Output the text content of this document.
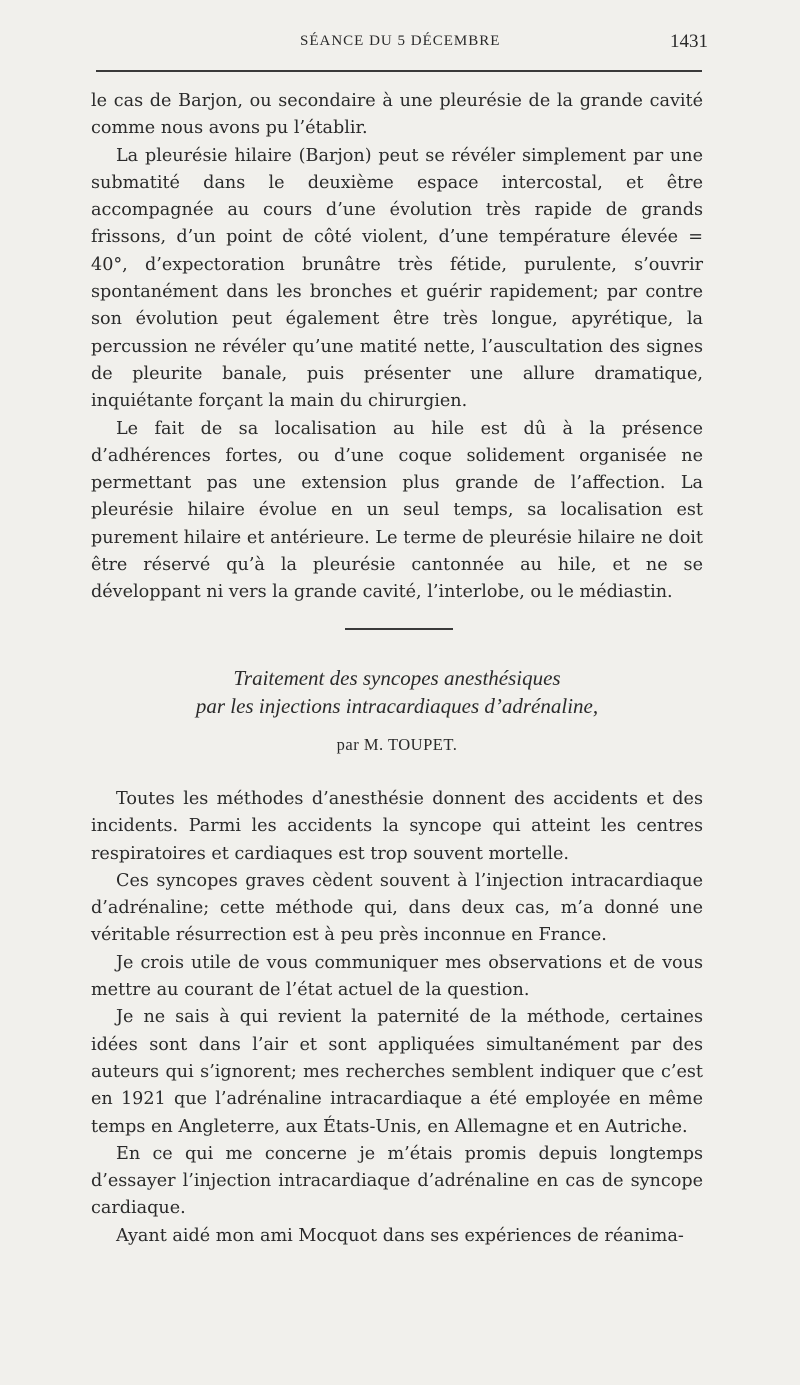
SÉANCE DU 5 DÉCEMBRE	1431

le cas de Barjon, ou secondaire à une pleurésie de la grande cavité comme nous avons pu l’établir.

La pleurésie hilaire (Barjon) peut se révéler simplement par une submatité dans le deuxième espace intercostal, et être accompagnée au cours d’une évolution très rapide de grands frissons, d’un point de côté violent, d’une température élevée = 40°, d’expectoration brunâtre très fétide, purulente, s’ouvrir spontanément dans les bronches et guérir rapidement; par contre son évolution peut également être très longue, apyrétique, la percussion ne révéler qu’une matité nette, l’auscultation des signes de pleurite banale, puis présenter une allure dramatique, inquiétante forçant la main du chirurgien.

Le fait de sa localisation au hile est dû à la présence d’adhérences fortes, ou d’une coque solidement organisée ne permettant pas une extension plus grande de l’affection. La pleurésie hilaire évolue en un seul temps, sa localisation est purement hilaire et antérieure. Le terme de pleurésie hilaire ne doit être réservé qu’à la pleurésie cantonnée au hile, et ne se développant ni vers la grande cavité, l’interlobe, ou le médiastin.

Traitement des syncopes anesthésiques
par les injections intracardiaques d’adrénaline,
par M. TOUPET.

Toutes les méthodes d’anesthésie donnent des accidents et des incidents. Parmi les accidents la syncope qui atteint les centres respiratoires et cardiaques est trop souvent mortelle.

Ces syncopes graves cèdent souvent à l’injection intracardiaque d’adrénaline; cette méthode qui, dans deux cas, m’a donné une véritable résurrection est à peu près inconnue en France.

Je crois utile de vous communiquer mes observations et de vous mettre au courant de l’état actuel de la question.

Je ne sais à qui revient la paternité de la méthode, certaines idées sont dans l’air et sont appliquées simultanément par des auteurs qui s’ignorent; mes recherches semblent indiquer que c’est en 1921 que l’adrénaline intracardiaque a été employée en même temps en Angleterre, aux États-Unis, en Allemagne et en Autriche.

En ce qui me concerne je m’étais promis depuis longtemps d’essayer l’injection intracardiaque d’adrénaline en cas de syncope cardiaque.

Ayant aidé mon ami Mocquot dans ses expériences de réanima-
